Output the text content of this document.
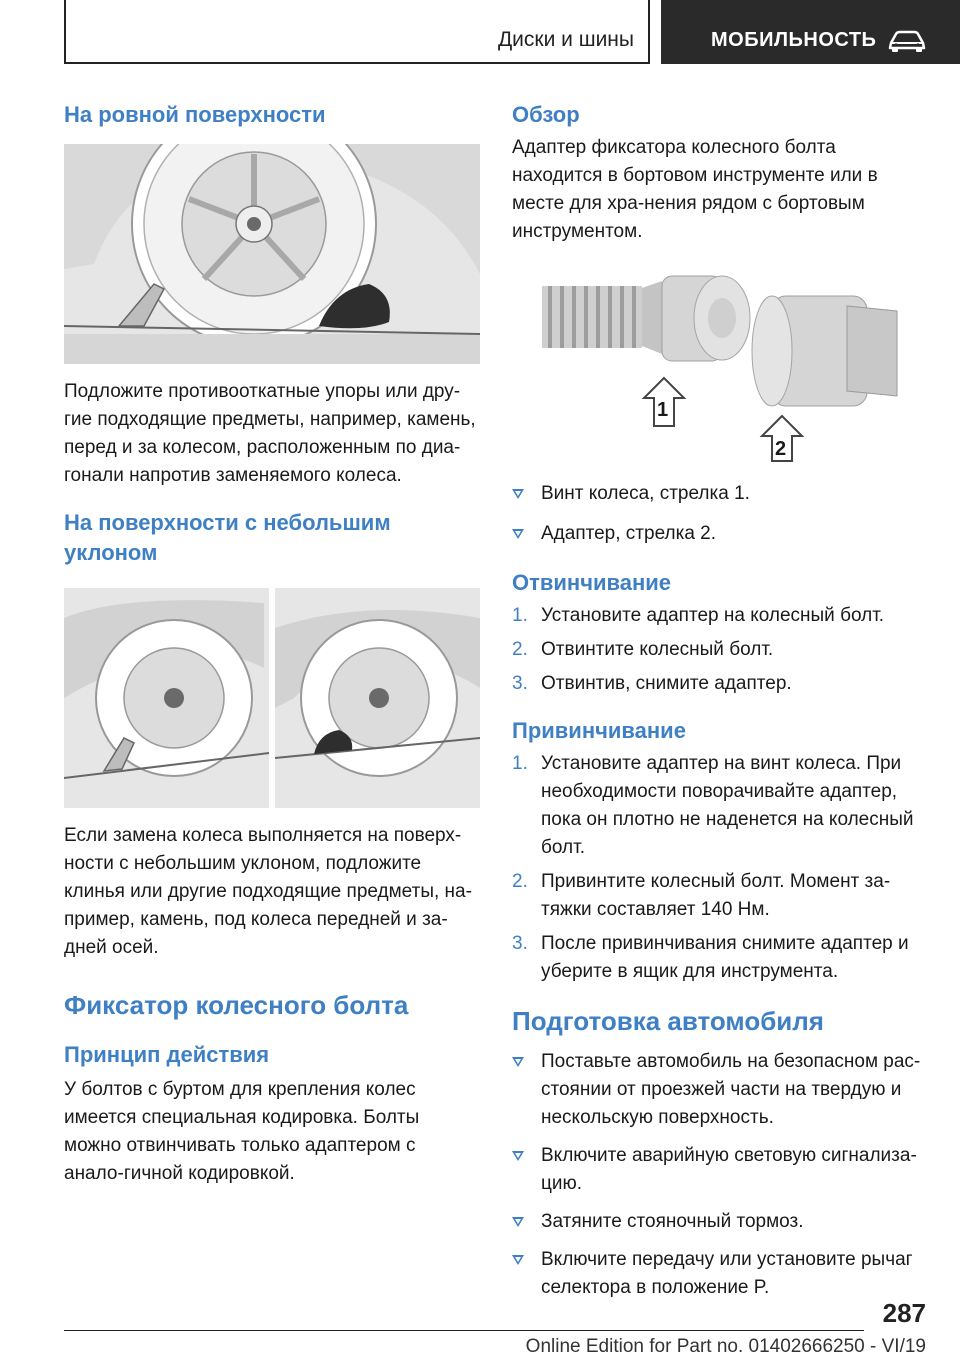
Диски и шины	МОБИЛЬНОСТЬ
На ровной поверхности
Подложите противооткатные упоры или дру-гие подходящие предметы, например, камень, перед и за колесом, расположенным по диа-гонали напротив заменяемого колеса.
На поверхности с небольшим уклоном
Если замена колеса выполняется на поверх-ности с небольшим уклоном, подложите клинья или другие подходящие предметы, на-пример, камень, под колеса передней и за-дней осей.
Фиксатор колесного болта
Принцип действия
У болтов с буртом для крепления колес имеется специальная кодировка. Болты можно отвинчивать только адаптером с анало-гичной кодировкой.
Обзор
Адаптер фиксатора колесного болта находится в бортовом инструменте или в месте для хра-нения рядом с бортовым инструментом.
1
2
Винт колеса, стрелка 1.
Адаптер, стрелка 2.
Отвинчивание
1. Установите адаптер на колесный болт.
2. Отвинтите колесный болт.
3. Отвинтив, снимите адаптер.
Привинчивание
1. Установите адаптер на винт колеса. При необходимости поворачивайте адаптер, пока он плотно не наденется на колесный болт.
2. Привинтите колесный болт. Момент за-тяжки составляет 140 Нм.
3. После привинчивания снимите адаптер и уберите в ящик для инструмента.
Подготовка автомобиля
Поставьте автомобиль на безопасном рас-стоянии от проезжей части на твердую и нескольскую поверхность.
Включите аварийную световую сигнализа-цию.
Затяните стояночный тормоз.
Включите передачу или установите рычаг селектора в положение P.
287
Online Edition for Part no. 01402666250 - VI/19
